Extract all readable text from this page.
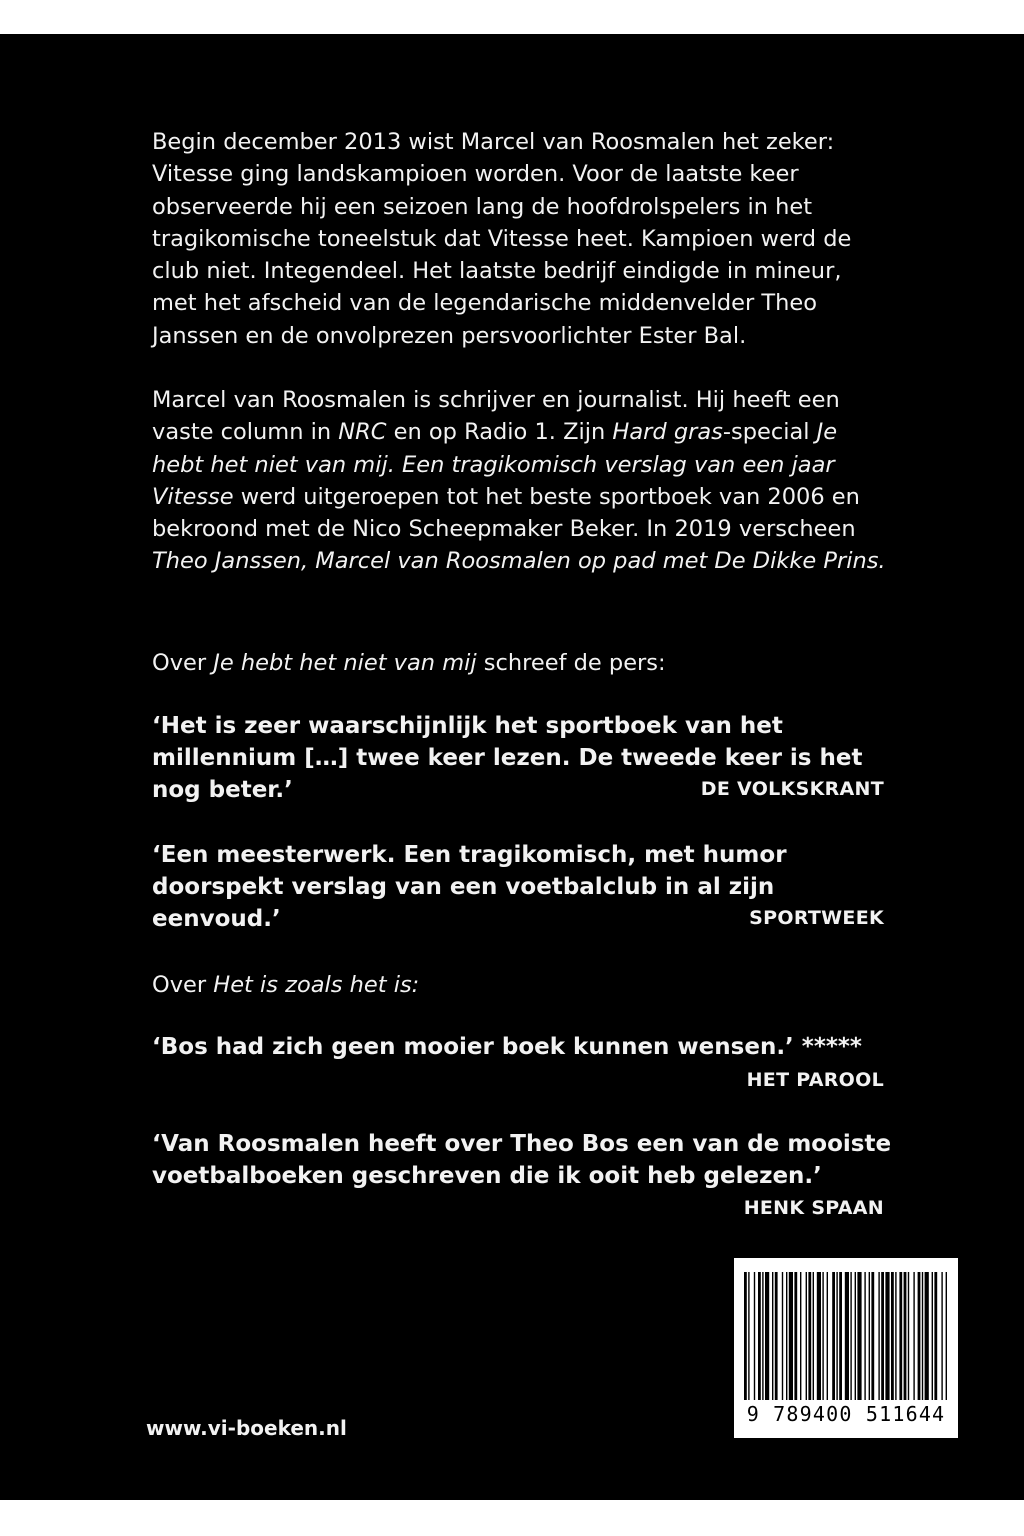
Begin december 2013 wist Marcel van Roosmalen het zeker: Vitesse ging landskampioen worden. Voor de laatste keer observeerde hij een seizoen lang de hoofdrolspelers in het tragikomische toneelstuk dat Vitesse heet. Kampioen werd de club niet. Integendeel. Het laatste bedrijf eindigde in mineur, met het afscheid van de legendarische middenvelder Theo Janssen en de onvolprezen persvoorlichter Ester Bal.
Marcel van Roosmalen is schrijver en journalist. Hij heeft een vaste column in NRC en op Radio 1. Zijn Hard gras-special Je hebt het niet van mij. Een tragikomisch verslag van een jaar Vitesse werd uitgeroepen tot het beste sportboek van 2006 en bekroond met de Nico Scheepmaker Beker. In 2019 verscheen Theo Janssen, Marcel van Roosmalen op pad met De Dikke Prins.
Over Je hebt het niet van mij schreef de pers:
‘Het is zeer waarschijnlijk het sportboek van het millennium […] twee keer lezen. De tweede keer is het nog beter.’	DE VOLKSKRANT
‘Een meesterwerk. Een tragikomisch, met humor doorspekt verslag van een voetbalclub in al zijn eenvoud.’	SPORTWEEK
Over Het is zoals het is:
‘Bos had zich geen mooier boek kunnen wensen.’ *****
HET PAROOL
‘Van Roosmalen heeft over Theo Bos een van de mooiste voetbalboeken geschreven die ik ooit heb gelezen.’
HENK SPAAN
www.vi-boeken.nl
9 789400 511644
